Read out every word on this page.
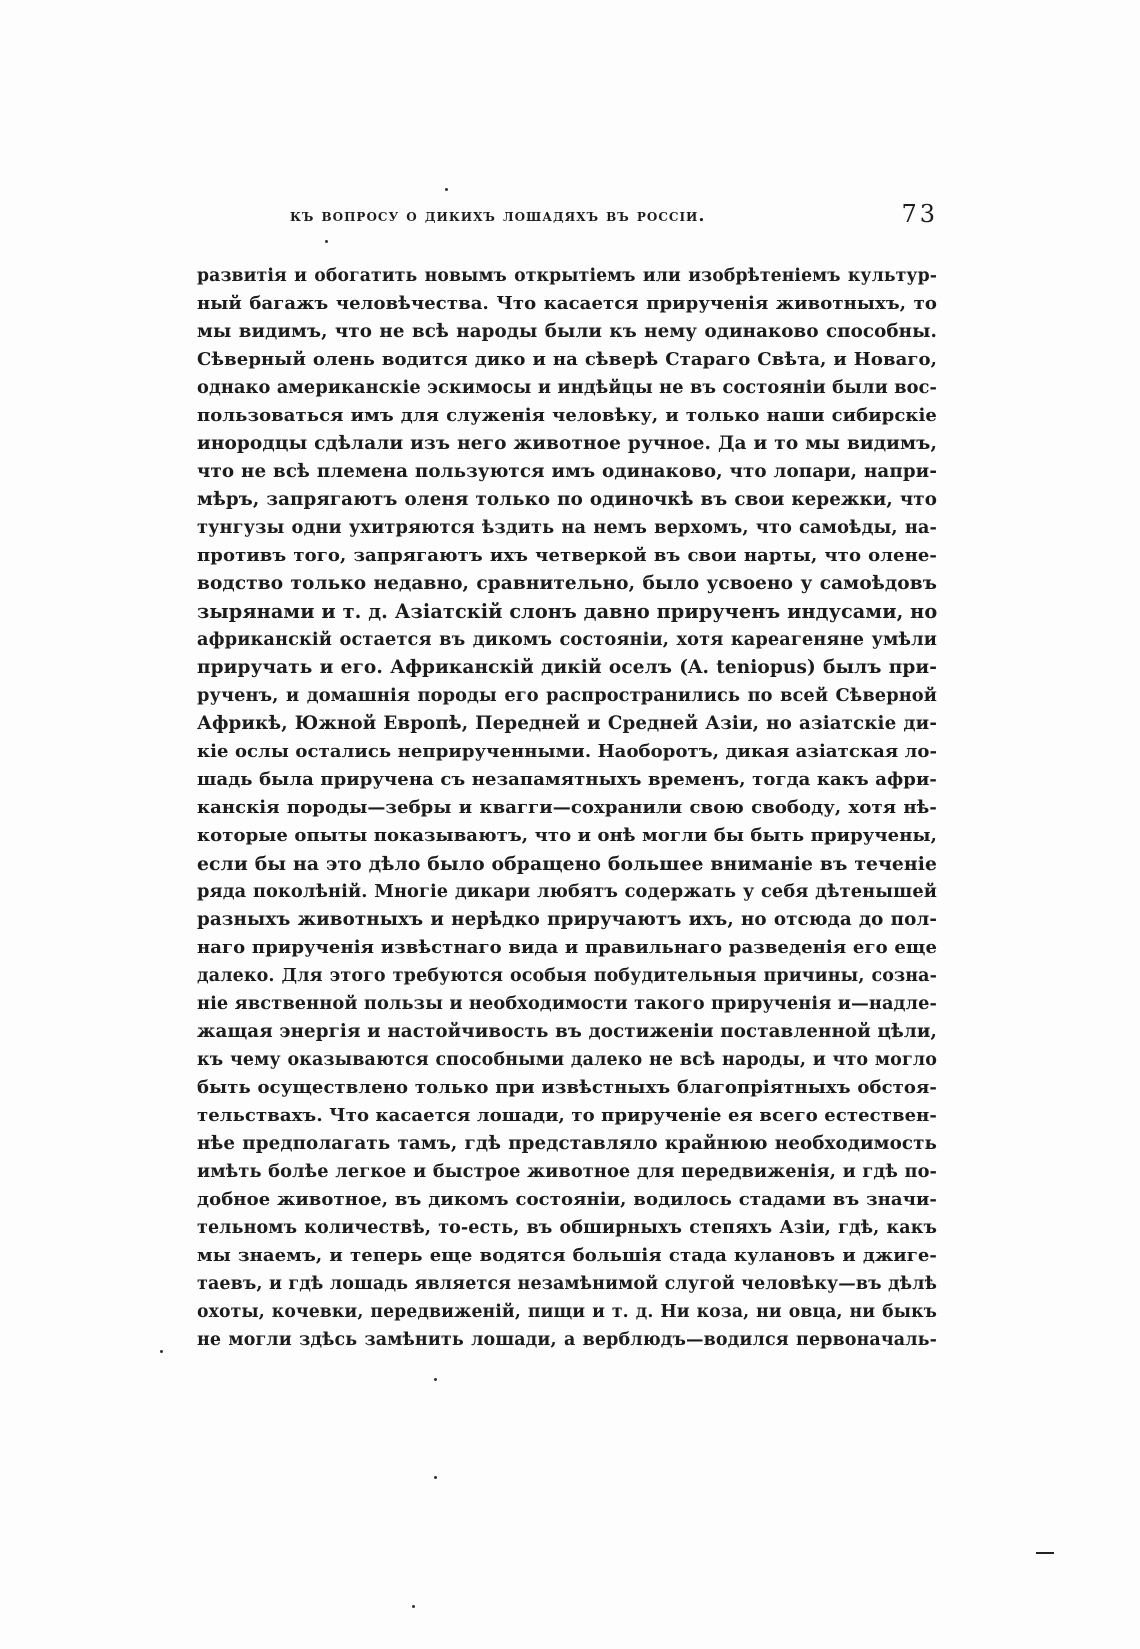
къ вопросу о дикихъ лошадяхъ въ россіи.	73
развитія и обогатить новымъ открытіемъ или изобрѣтеніемъ культур-
ный багажъ человѣчества. Что касается прирученія животныхъ, то
мы видимъ, что не всѣ народы были къ нему одинаково способны.
Сѣверный олень водится дико и на сѣверѣ Стараго Свѣта, и Новаго,
однако американскіе эскимосы и индѣйцы не въ состояніи были вос-
пользоваться имъ для служенія человѣку, и только наши сибирскіе
инородцы сдѣлали изъ него животное ручное. Да и то мы видимъ,
что не всѣ племена пользуются имъ одинаково, что лопари, напри-
мѣръ, запрягаютъ оленя только по одиночкѣ въ свои кережки, что
тунгузы одни ухитряются ѣздить на немъ верхомъ, что самоѣды, на-
противъ того, запрягаютъ ихъ четверкой въ свои нарты, что олене-
водство только недавно, сравнительно, было усвоено у самоѣдовъ
зырянами и т. д. Азіатскій слонъ давно прирученъ индусами, но
африканскій остается въ дикомъ состояніи, хотя кареагеняне умѣли
приручать и его. Африканскій дикій оселъ (A. teniopus) былъ при-
рученъ, и домашнія породы его распространились по всей Сѣверной
Африкѣ, Южной Европѣ, Передней и Средней Азіи, но азіатскіе ди-
кіе ослы остались неприрученными. Наоборотъ, дикая азіатская ло-
шадь была приручена съ незапамятныхъ временъ, тогда какъ афри-
канскія породы—зебры и квагги—сохранили свою свободу, хотя нѣ-
которые опыты показываютъ, что и онѣ могли бы быть приручены,
если бы на это дѣло было обращено большее вниманіе въ теченіе
ряда поколѣній. Многіе дикари любятъ содержать у себя дѣтенышей
разныхъ животныхъ и нерѣдко приручаютъ ихъ, но отсюда до пол-
наго прирученія извѣстнаго вида и правильнаго разведенія его еще
далеко. Для этого требуются особыя побудительныя причины, созна-
ніе явственной пользы и необходимости такого прирученія и—надле-
жащая энергія и настойчивость въ достиженіи поставленной цѣли,
къ чему оказываются способными далеко не всѣ народы, и что могло
быть осуществлено только при извѣстныхъ благопріятныхъ обстоя-
тельствахъ. Что касается лошади, то прирученіе ея всего естествен-
нѣе предполагать тамъ, гдѣ представляло крайнюю необходимость
имѣть болѣе легкое и быстрое животное для передвиженія, и гдѣ по-
добное животное, въ дикомъ состояніи, водилось стадами въ значи-
тельномъ количествѣ, то-есть, въ обширныхъ степяхъ Азіи, гдѣ, какъ
мы знаемъ, и теперь еще водятся большія стада кулановъ и джиге-
таевъ, и гдѣ лошадь является незамѣнимой слугой человѣку—въ дѣлѣ
охоты, кочевки, передвиженій, пищи и т. д. Ни коза, ни овца, ни быкъ
не могли здѣсь замѣнить лошади, а верблюдъ—водился первоначаль-
